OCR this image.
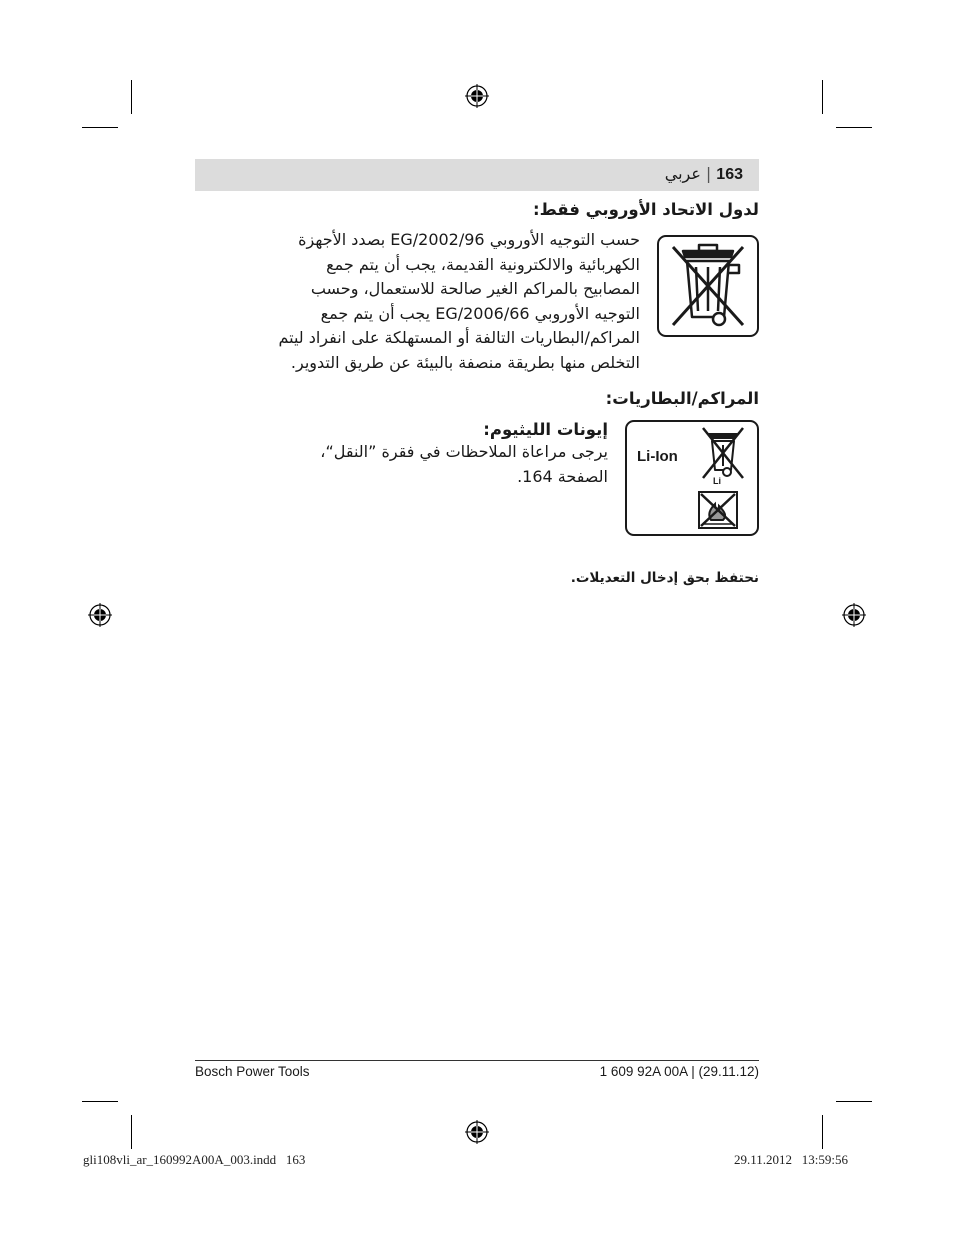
163|عربي
لدول الاتحاد الأوروبي فقط:

حسب التوجيه الأوروبي 2002/96/EG بصدد الأجهزة

الكهربائية والالكترونية القديمة، يجب أن يتم جمع

المصابيح بالمراكم الغير صالحة للاستعمال، وحسب

التوجيه الأوروبي 2006/66/EG يجب أن يتم جمع

المراكم/البطاريات التالفة أو المستهلكة على انفراد ليتم

التخلص منها بطريقة منصفة بالبيئة عن طريق التدوير.

المراكم/البطاريات:
Li-Ion
Li
إيونات الليثيوم:

يرجى مراعاة الملاحظات في فقرة ”النقل“،

الصفحة 164.

نحتفظ بحق إدخال التعديلات.
Bosch Power Tools	1 609 92A 00A | (29.11.12)
gli108vli_ar_160992A00A_003.indd   163	29.11.2012   13:59:56
